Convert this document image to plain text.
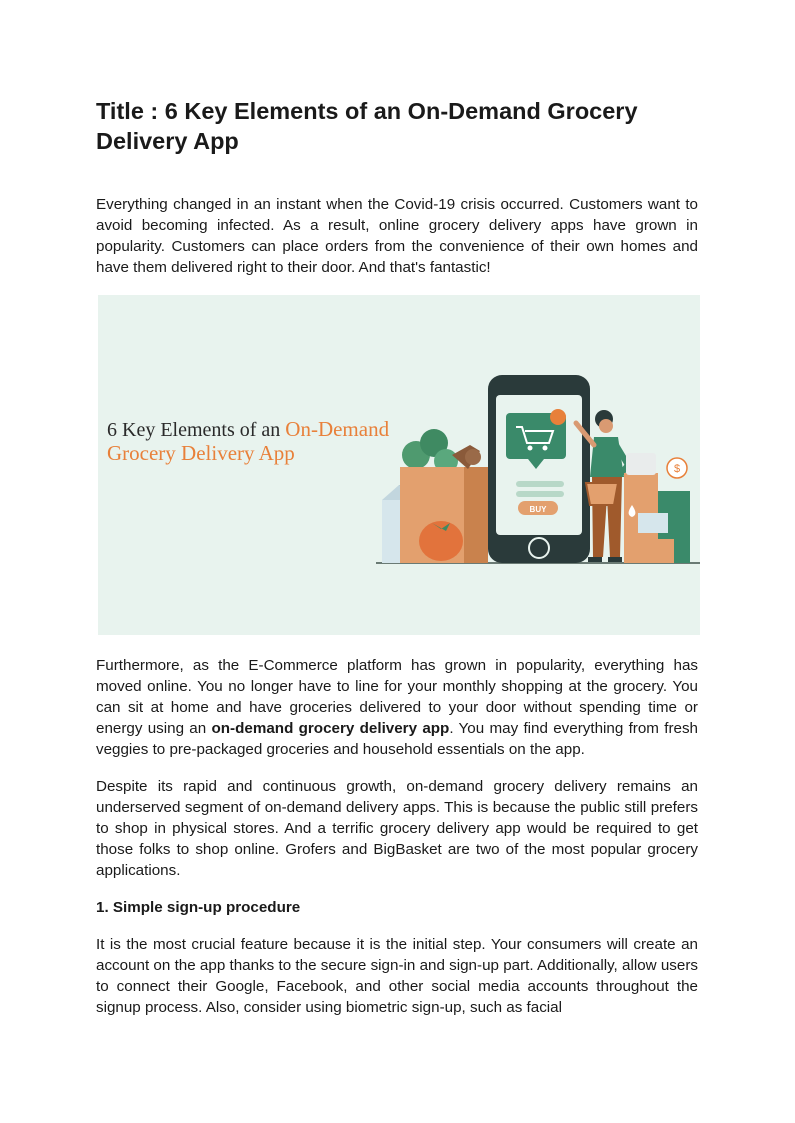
Title : 6 Key Elements of an On-Demand Grocery Delivery App

Everything changed in an instant when the Covid-19 crisis occurred. Customers want to avoid becoming infected. As a result, online grocery delivery apps have grown in popularity. Customers can place orders from the convenience of their own homes and have them delivered right to their door. And that's fantastic!

6 Key Elements of an On-Demand
Grocery Delivery App
BUY
$

Furthermore, as the E-Commerce platform has grown in popularity, everything has moved online. You no longer have to line for your monthly shopping at the grocery. You can sit at home and have groceries delivered to your door without spending time or energy using an on-demand grocery delivery app. You may find everything from fresh veggies to pre-packaged groceries and household essentials on the app.

Despite its rapid and continuous growth, on-demand grocery delivery remains an underserved segment of on-demand delivery apps. This is because the public still prefers to shop in physical stores. And a terrific grocery delivery app would be required to get those folks to shop online. Grofers and BigBasket are two of the most popular grocery applications.

1. Simple sign-up procedure

It is the most crucial feature because it is the initial step. Your consumers will create an account on the app thanks to the secure sign-in and sign-up part. Additionally, allow users to connect their Google, Facebook, and other social media accounts throughout the signup process. Also, consider using biometric sign-up, such as facial
